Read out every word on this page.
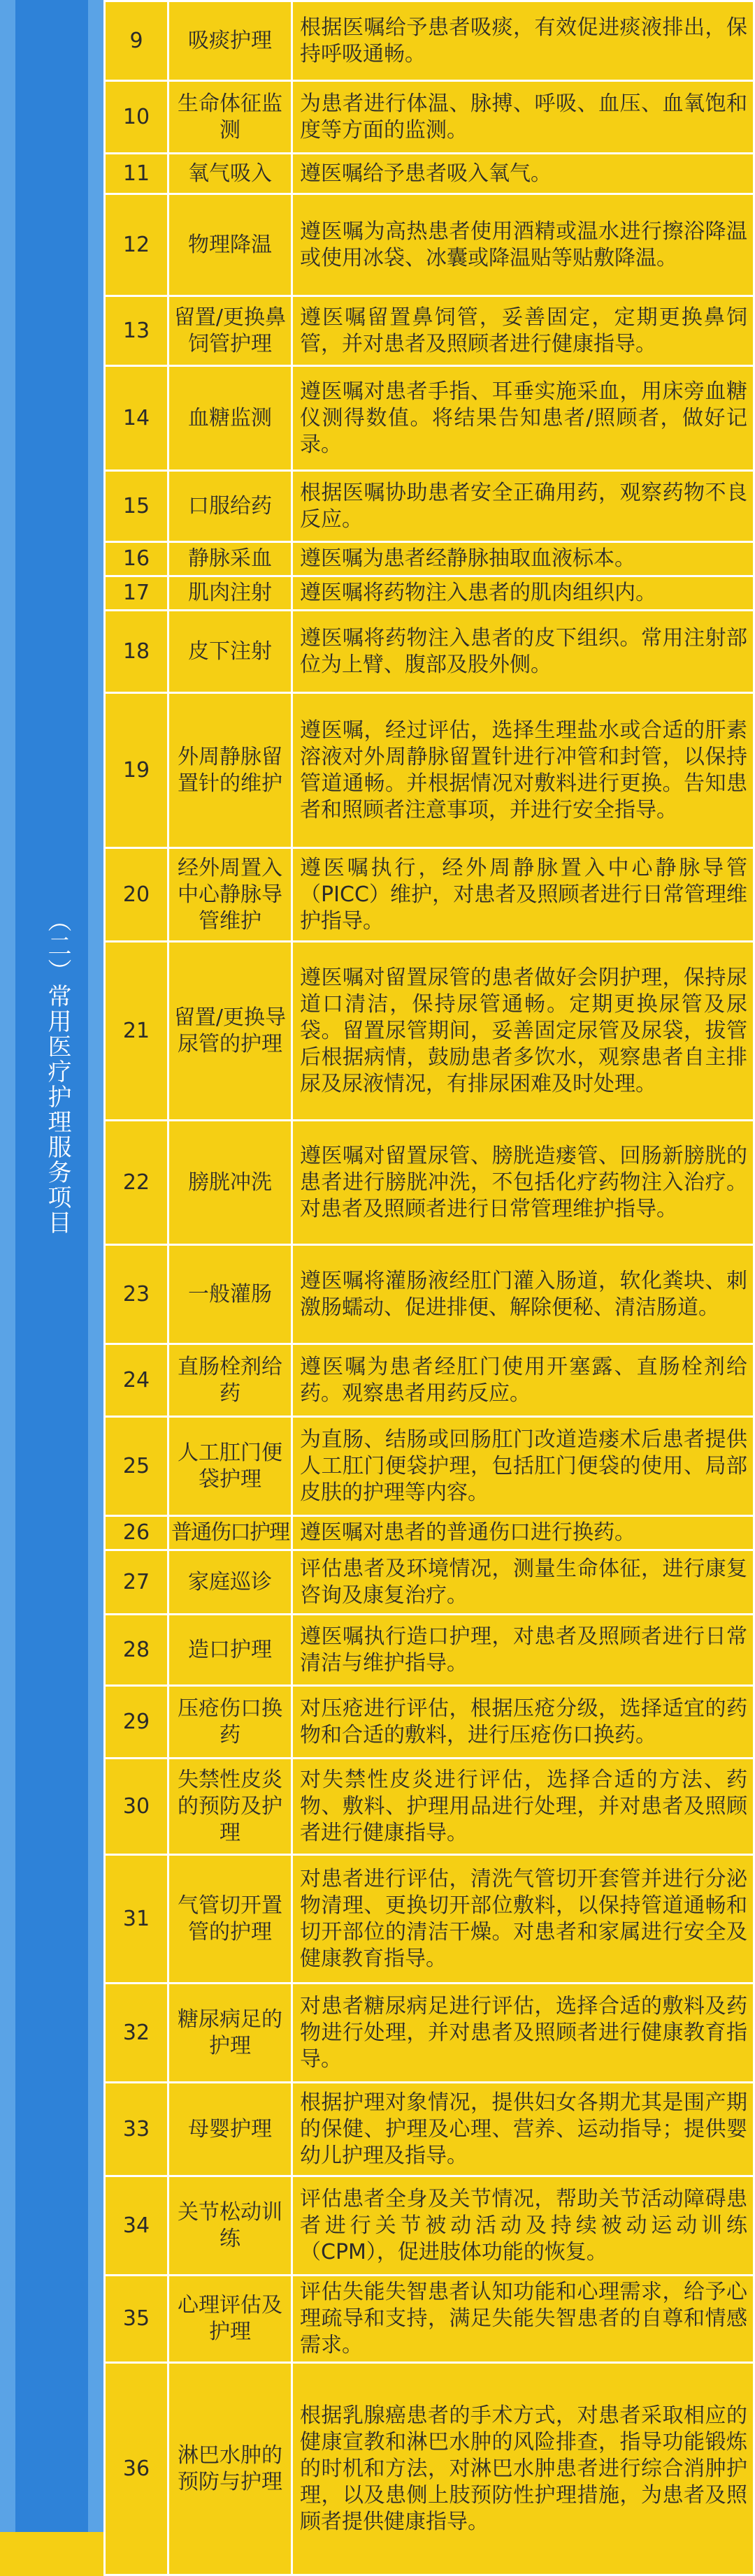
（二）常用医疗护理服务项目
9	吸痰护理	根据医嘱给予患者吸痰，有效促进痰液排出，保持呼吸通畅。
10	生命体征监测	为患者进行体温、脉搏、呼吸、血压、血氧饱和度等方面的监测。
11	氧气吸入	遵医嘱给予患者吸入氧气。
12	物理降温	遵医嘱为高热患者使用酒精或温水进行擦浴降温或使用冰袋、冰囊或降温贴等贴敷降温。
13	留置/更换鼻饲管护理	遵医嘱留置鼻饲管，妥善固定，定期更换鼻饲管，并对患者及照顾者进行健康指导。
14	血糖监测	遵医嘱对患者手指、耳垂实施采血，用床旁血糖仪测得数值。将结果告知患者/照顾者，做好记录。
15	口服给药	根据医嘱协助患者安全正确用药，观察药物不良反应。
16	静脉采血	遵医嘱为患者经静脉抽取血液标本。
17	肌肉注射	遵医嘱将药物注入患者的肌肉组织内。
18	皮下注射	遵医嘱将药物注入患者的皮下组织。常用注射部位为上臂、腹部及股外侧。
19	外周静脉留置针的维护	遵医嘱，经过评估，选择生理盐水或合适的肝素溶液对外周静脉留置针进行冲管和封管，以保持管道通畅。并根据情况对敷料进行更换。告知患者和照顾者注意事项，并进行安全指导。
20	经外周置入中心静脉导管维护	遵医嘱执行，经外周静脉置入中心静脉导管（PICC）维护，对患者及照顾者进行日常管理维护指导。
21	留置/更换导尿管的护理	遵医嘱对留置尿管的患者做好会阴护理，保持尿道口清洁，保持尿管通畅。定期更换尿管及尿袋。留置尿管期间，妥善固定尿管及尿袋，拔管后根据病情，鼓励患者多饮水，观察患者自主排尿及尿液情况，有排尿困难及时处理。
22	膀胱冲洗	遵医嘱对留置尿管、膀胱造瘘管、回肠新膀胱的患者进行膀胱冲洗，不包括化疗药物注入治疗。对患者及照顾者进行日常管理维护指导。
23	一般灌肠	遵医嘱将灌肠液经肛门灌入肠道，软化粪块、刺激肠蠕动、促进排便、解除便秘、清洁肠道。
24	直肠栓剂给药	遵医嘱为患者经肛门使用开塞露、直肠栓剂给药。观察患者用药反应。
25	人工肛门便袋护理	为直肠、结肠或回肠肛门改道造瘘术后患者提供人工肛门便袋护理，包括肛门便袋的使用、局部皮肤的护理等内容。
26	普通伤口护理	遵医嘱对患者的普通伤口进行换药。
27	家庭巡诊	评估患者及环境情况，测量生命体征，进行康复咨询及康复治疗。
28	造口护理	遵医嘱执行造口护理，对患者及照顾者进行日常清洁与维护指导。
29	压疮伤口换药	对压疮进行评估，根据压疮分级，选择适宜的药物和合适的敷料，进行压疮伤口换药。
30	失禁性皮炎的预防及护理	对失禁性皮炎进行评估，选择合适的方法、药物、敷料、护理用品进行处理，并对患者及照顾者进行健康指导。
31	气管切开置管的护理	对患者进行评估，清洗气管切开套管并进行分泌物清理、更换切开部位敷料，以保持管道通畅和切开部位的清洁干燥。对患者和家属进行安全及健康教育指导。
32	糖尿病足的护理	对患者糖尿病足进行评估，选择合适的敷料及药物进行处理，并对患者及照顾者进行健康教育指导。
33	母婴护理	根据护理对象情况，提供妇女各期尤其是围产期的保健、护理及心理、营养、运动指导；提供婴幼儿护理及指导。
34	关节松动训练	评估患者全身及关节情况，帮助关节活动障碍患者进行关节被动活动及持续被动运动训练（CPM），促进肢体功能的恢复。
35	心理评估及护理	评估失能失智患者认知功能和心理需求，给予心理疏导和支持，满足失能失智患者的自尊和情感需求。
36	淋巴水肿的预防与护理	根据乳腺癌患者的手术方式，对患者采取相应的健康宣教和淋巴水肿的风险排查，指导功能锻炼的时机和方法，对淋巴水肿患者进行综合消肿护理，以及患侧上肢预防性护理措施，为患者及照顾者提供健康指导。
